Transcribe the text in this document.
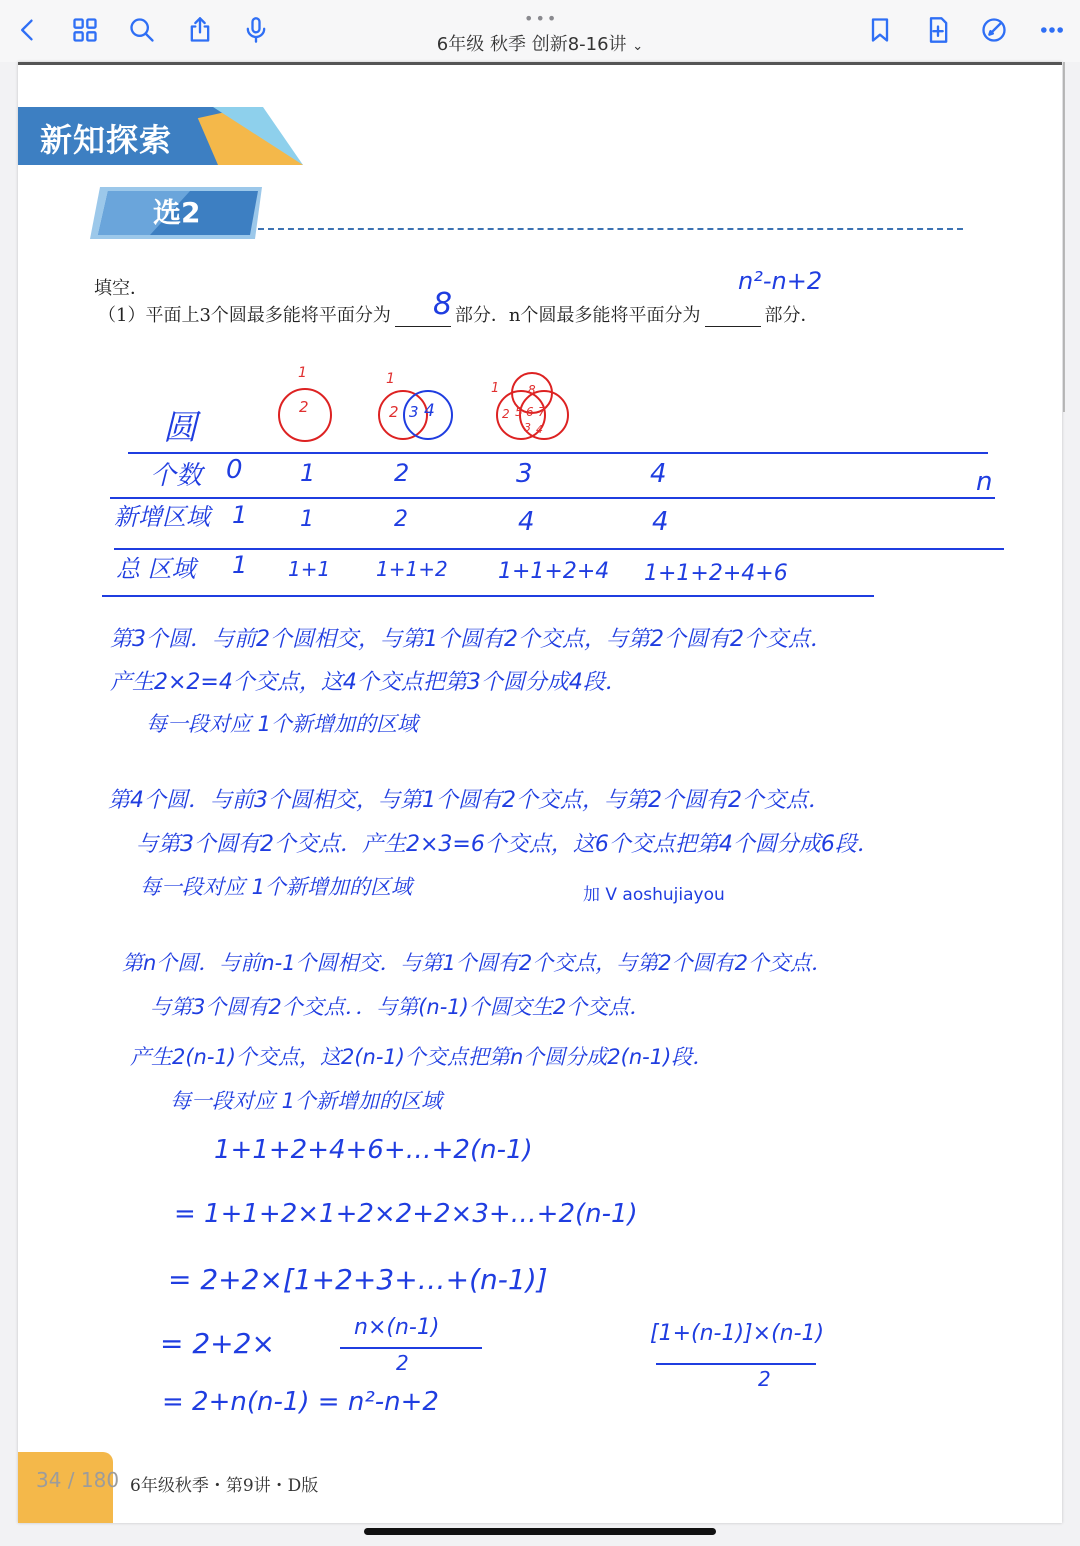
•••
6年级 秋季 创新8-16讲 ⌄
新知探索
选2
填空．
（1）平面上3个圆最多能将平面分为	部分．n个圆最多能将平面分为	部分．
8
n²-n+2
1
2
1
2 3 4
1
2 5 6 7
8
3 4
圆
个数 0 1	2	3	4	n
新增区域 1 1	2	4	4
总 区域 1 1+1 1+1+2 1+1+2+4 1+1+2+4+6
第3个圆．与前2个圆相交，与第1个圆有2个交点，与第2个圆有2个交点．
产生2×2=4个交点，这4个交点把第3个圆分成4段．
每一段对应 1个新增加的区域
第4个圆．与前3个圆相交，与第1个圆有2个交点，与第2个圆有2个交点．
与第3个圆有2个交点．产生2×3=6个交点，这6个交点把第4个圆分成6段．
每一段对应 1个新增加的区域	加 V aoshujiayou
第n个圆．与前n-1个圆相交．与第1个圆有2个交点，与第2个圆有2个交点．
与第3个圆有2个交点．．与第(n-1)个圆交生2个交点．
产生2(n-1)个交点，这2(n-1)个交点把第n个圆分成2(n-1)段．
每一段对应 1个新增加的区域
1+1+2+4+6+…+2(n-1)
= 1+1+2×1+2×2+2×3+…+2(n-1)
= 2+2×[1+2+3+…+(n-1)]
= 2+2×	n×(n-1)
2
= 2+n(n-1) = n²-n+2
[1+(n-1)]×(n-1)
2
34 / 180 6年级秋季・第9讲・D版
